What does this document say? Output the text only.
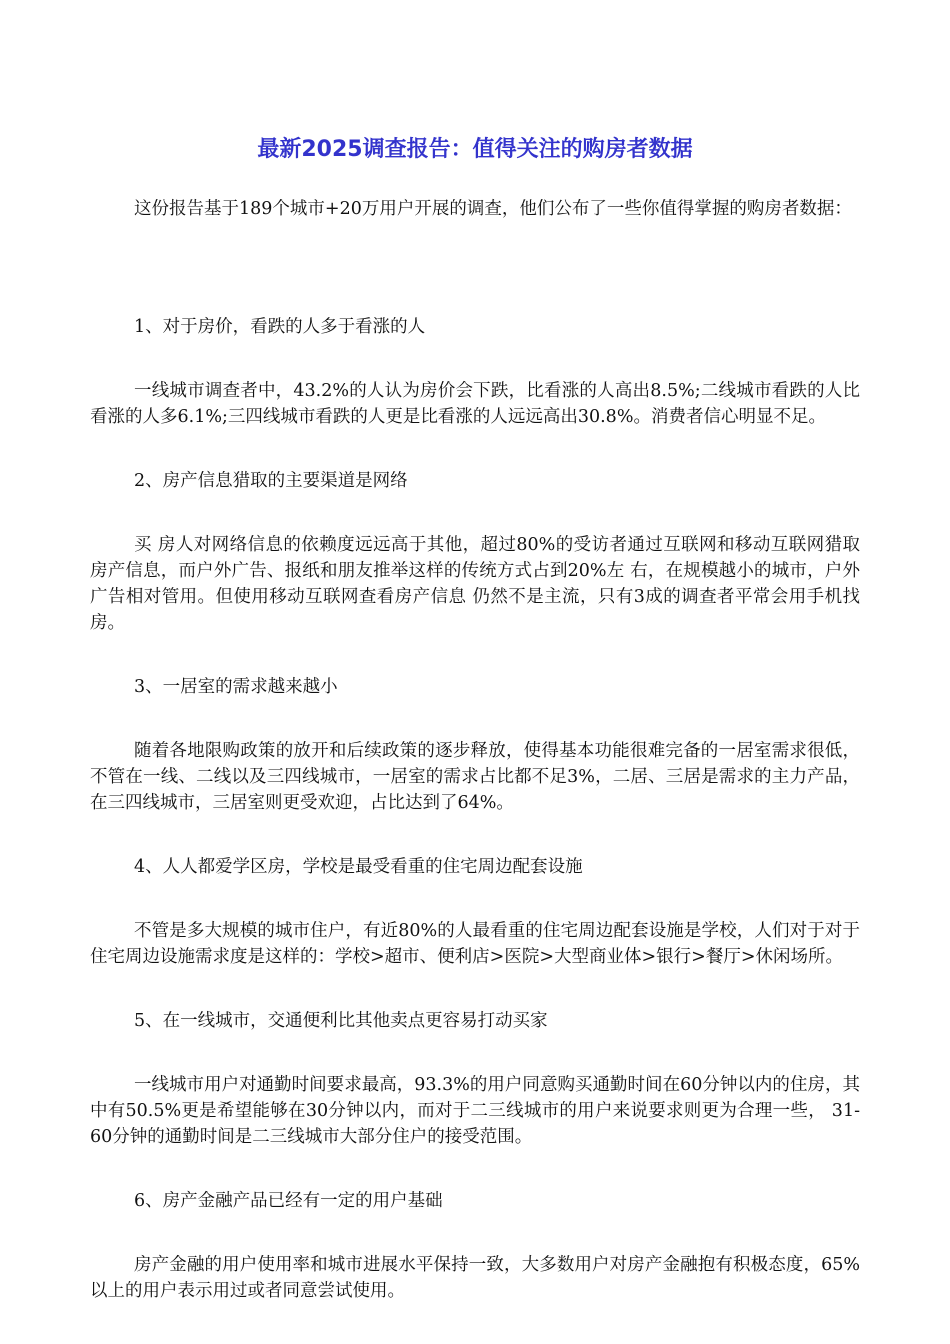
最新2025调查报告：值得关注的购房者数据

这份报告基于189个城市+20万用户开展的调查，他们公布了一些你值得掌握的购房者数据：

1、对于房价，看跌的人多于看涨的人

一线城市调查者中，43.2%的人认为房价会下跌，比看涨的人高出8.5%;二线城市看跌的人比看涨的人多6.1%;三四线城市看跌的人更是比看涨的人远远高出30.8%。消费者信心明显不足。

2、房产信息猎取的主要渠道是网络

买 房人对网络信息的依赖度远远高于其他，超过80%的受访者通过互联网和移动互联网猎取房产信息，而户外广告、报纸和朋友推举这样的传统方式占到20%左 右，在规模越小的城市，户外广告相对管用。但使用移动互联网查看房产信息 仍然不是主流，只有3成的调查者平常会用手机找房。

3、一居室的需求越来越小

随着各地限购政策的放开和后续政策的逐步释放，使得基本功能很难完备的一居室需求很低，不管在一线、二线以及三四线城市，一居室的需求占比都不足3%，二居、三居是需求的主力产品，在三四线城市，三居室则更受欢迎，占比达到了64%。

4、人人都爱学区房，学校是最受看重的住宅周边配套设施

不管是多大规模的城市住户，有近80%的人最看重的住宅周边配套设施是学校，人们对于对于住宅周边设施需求度是这样的：学校>超市、便利店>医院>大型商业体>银行>餐厅>休闲场所。

5、在一线城市，交通便利比其他卖点更容易打动买家

一线城市用户对通勤时间要求最高，93.3%的用户同意购买通勤时间在60分钟以内的住房，其中有50.5%更是希望能够在30分钟以内，而对于二三线城市的用户来说要求则更为合理一些， 31-60分钟的通勤时间是二三线城市大部分住户的接受范围。

6、房产金融产品已经有一定的用户基础

房产金融的用户使用率和城市进展水平保持一致，大多数用户对房产金融抱有积极态度，65%以上的用户表示用过或者同意尝试使用。
